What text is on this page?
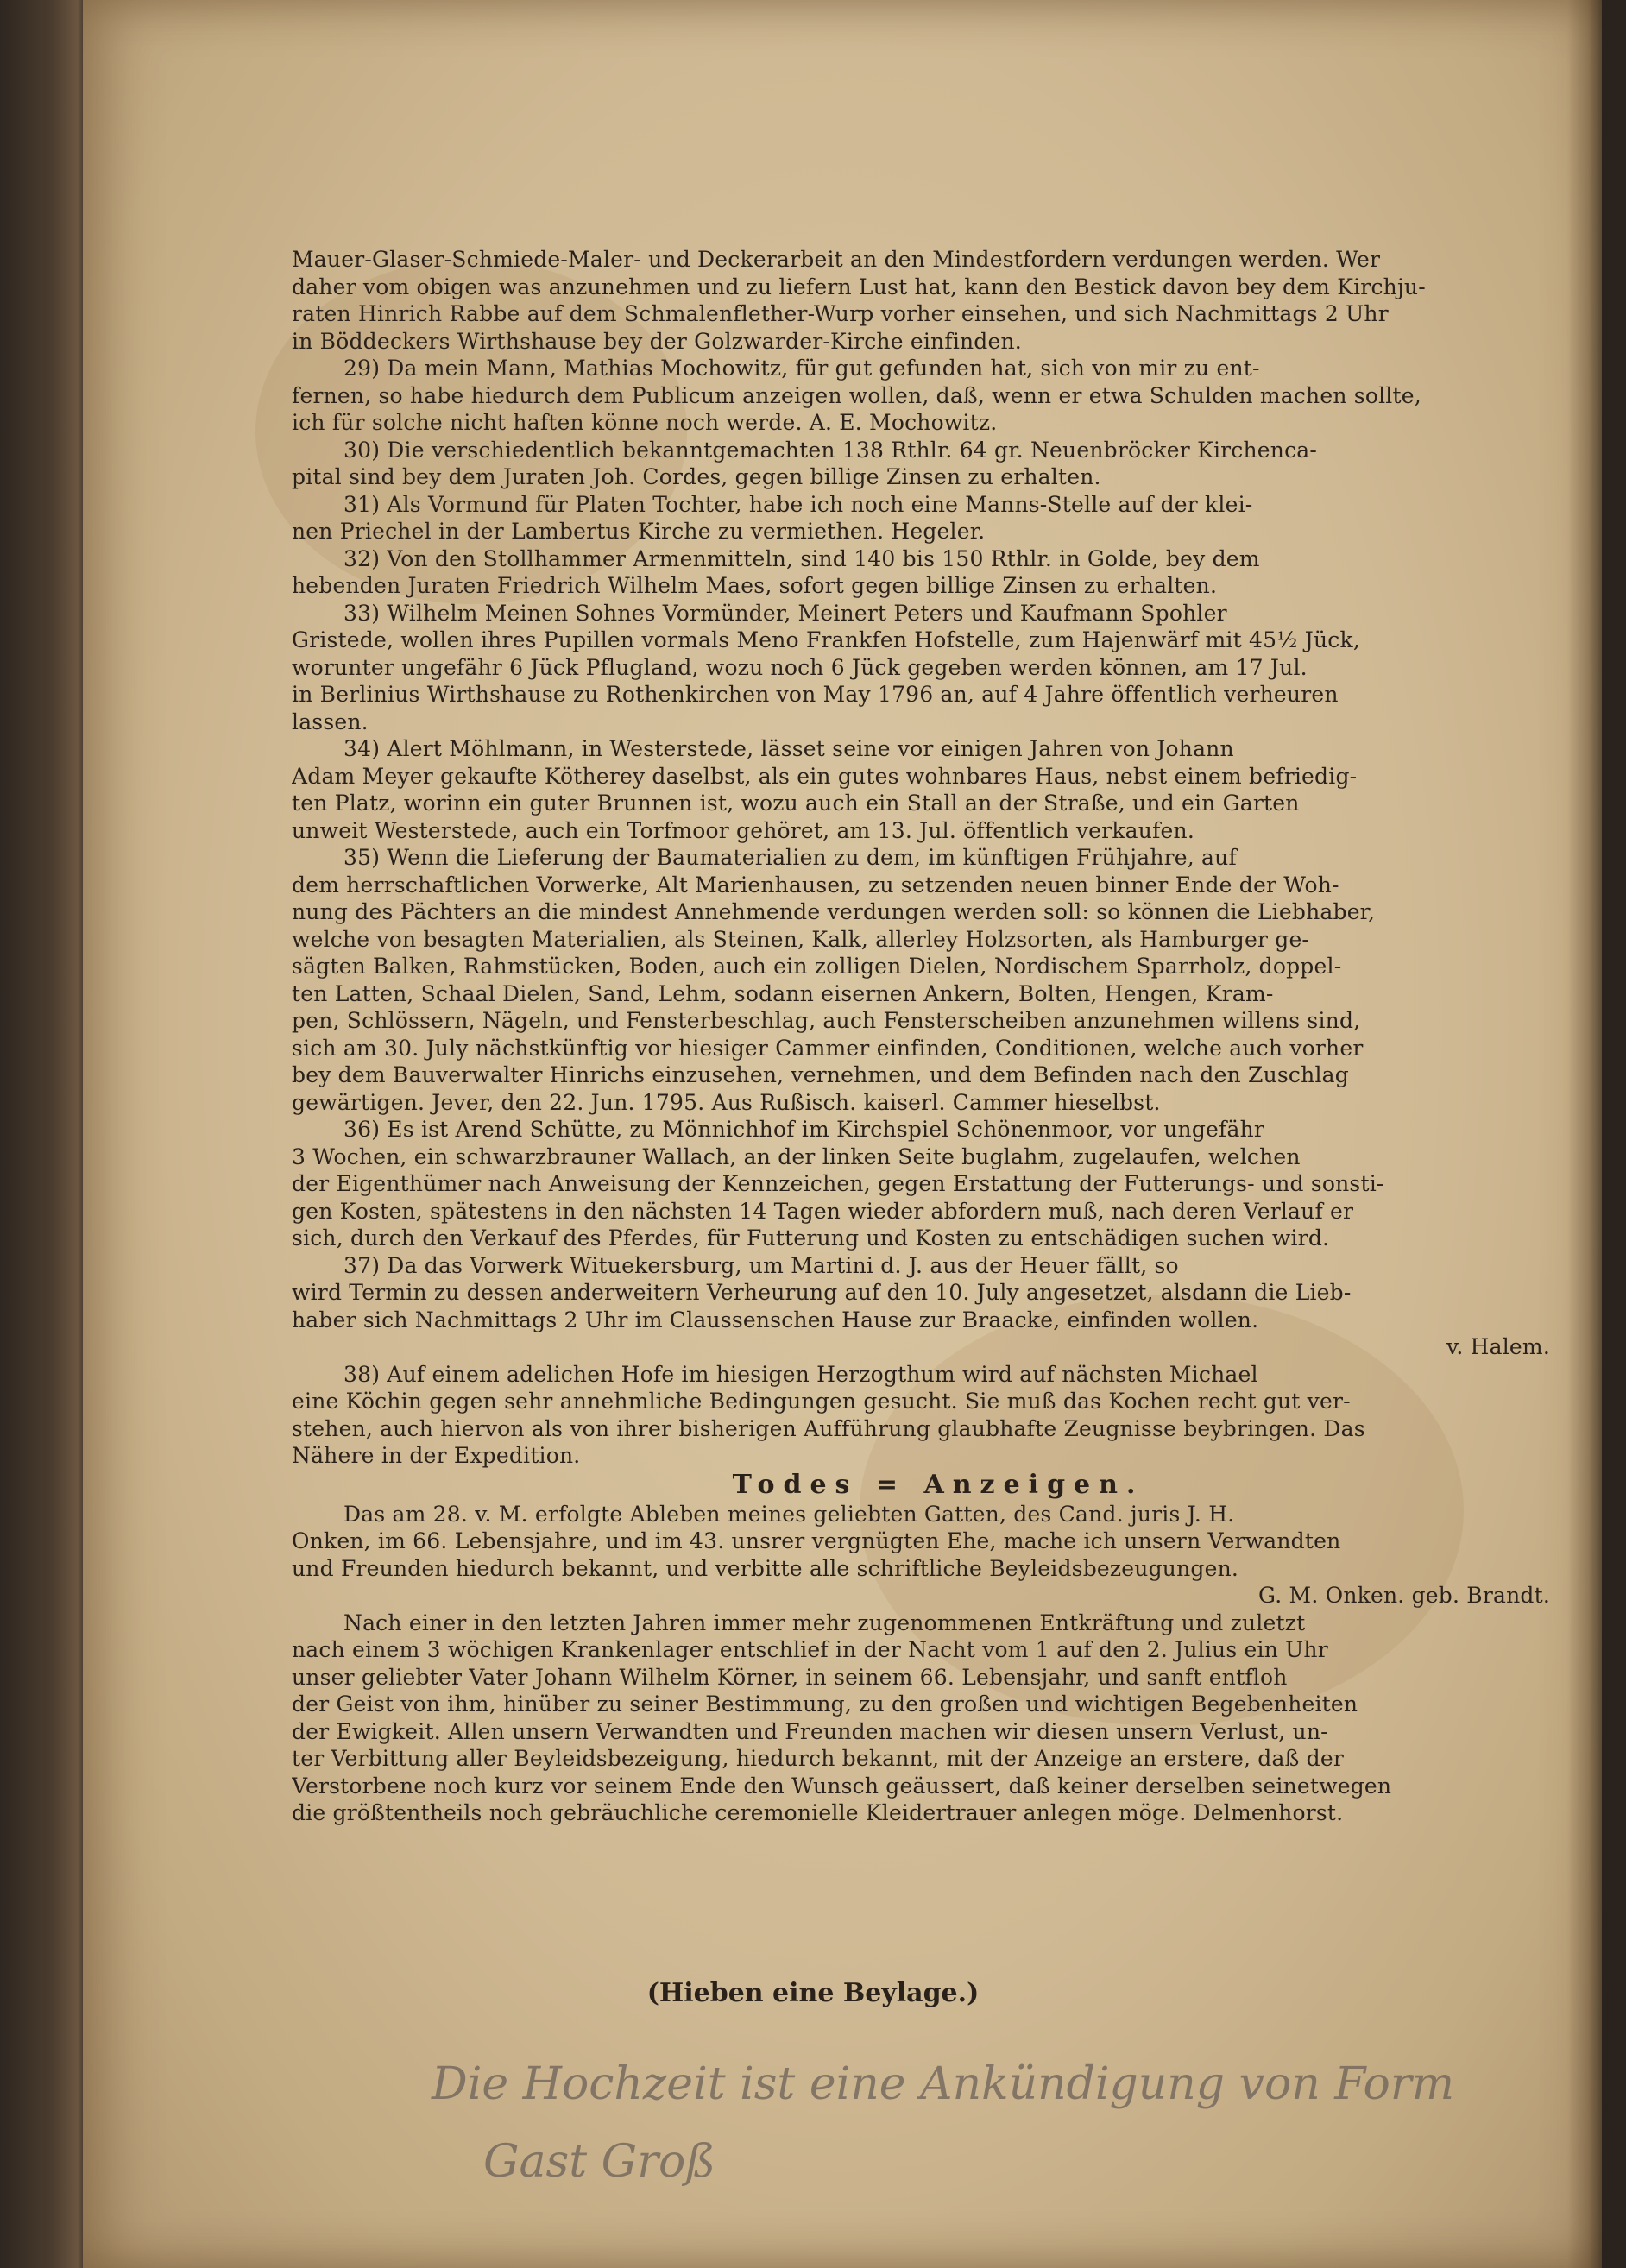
Mauer-Glaser-Schmiede-Maler- und Deckerarbeit an den Mindestfordern verdungen werden. Wer
daher vom obigen was anzunehmen und zu liefern Lust hat, kann den Bestick davon bey dem Kirchju-
raten Hinrich Rabbe auf dem Schmalenflether-Wurp vorher einsehen, und sich Nachmittags 2 Uhr
in Böddeckers Wirthshause bey der Golzwarder-Kirche einfinden.
29) Da mein Mann, Mathias Mochowitz, für gut gefunden hat, sich von mir zu ent-
fernen, so habe hiedurch dem Publicum anzeigen wollen, daß, wenn er etwa Schulden machen sollte,
ich für solche nicht haften könne noch werde. A. E. Mochowitz.
30) Die verschiedentlich bekanntgemachten 138 Rthlr. 64 gr. Neuenbröcker Kirchenca-
pital sind bey dem Juraten Joh. Cordes, gegen billige Zinsen zu erhalten.
31) Als Vormund für Platen Tochter, habe ich noch eine Manns-Stelle auf der klei-
nen Priechel in der Lambertus Kirche zu vermiethen. Hegeler.
32) Von den Stollhammer Armenmitteln, sind 140 bis 150 Rthlr. in Golde, bey dem
hebenden Juraten Friedrich Wilhelm Maes, sofort gegen billige Zinsen zu erhalten.
33) Wilhelm Meinen Sohnes Vormünder, Meinert Peters und Kaufmann Spohler
Gristede, wollen ihres Pupillen vormals Meno Frankfen Hofstelle, zum Hajenwärf mit 45½ Jück,
worunter ungefähr 6 Jück Pflugland, wozu noch 6 Jück gegeben werden können, am 17 Jul.
in Berlinius Wirthshause zu Rothenkirchen von May 1796 an, auf 4 Jahre öffentlich verheuren
lassen.
34) Alert Möhlmann, in Westerstede, lässet seine vor einigen Jahren von Johann
Adam Meyer gekaufte Kötherey daselbst, als ein gutes wohnbares Haus, nebst einem befriedig-
ten Platz, worinn ein guter Brunnen ist, wozu auch ein Stall an der Straße, und ein Garten
unweit Westerstede, auch ein Torfmoor gehöret, am 13. Jul. öffentlich verkaufen.
35) Wenn die Lieferung der Baumaterialien zu dem, im künftigen Frühjahre, auf
dem herrschaftlichen Vorwerke, Alt Marienhausen, zu setzenden neuen binner Ende der Woh-
nung des Pächters an die mindest Annehmende verdungen werden soll: so können die Liebhaber,
welche von besagten Materialien, als Steinen, Kalk, allerley Holzsorten, als Hamburger ge-
sägten Balken, Rahmstücken, Boden, auch ein zolligen Dielen, Nordischem Sparrholz, doppel-
ten Latten, Schaal Dielen, Sand, Lehm, sodann eisernen Ankern, Bolten, Hengen, Kram-
pen, Schlössern, Nägeln, und Fensterbeschlag, auch Fensterscheiben anzunehmen willens sind,
sich am 30. July nächstkünftig vor hiesiger Cammer einfinden, Conditionen, welche auch vorher
bey dem Bauverwalter Hinrichs einzusehen, vernehmen, und dem Befinden nach den Zuschlag
gewärtigen. Jever, den 22. Jun. 1795. Aus Rußisch. kaiserl. Cammer hieselbst.
36) Es ist Arend Schütte, zu Mönnichhof im Kirchspiel Schönenmoor, vor ungefähr
3 Wochen, ein schwarzbrauner Wallach, an der linken Seite buglahm, zugelaufen, welchen
der Eigenthümer nach Anweisung der Kennzeichen, gegen Erstattung der Futterungs- und sonsti-
gen Kosten, spätestens in den nächsten 14 Tagen wieder abfordern muß, nach deren Verlauf er
sich, durch den Verkauf des Pferdes, für Futterung und Kosten zu entschädigen suchen wird.
37) Da das Vorwerk Wituekersburg, um Martini d. J. aus der Heuer fällt, so
wird Termin zu dessen anderweitern Verheurung auf den 10. July angesetzet, alsdann die Lieb-
haber sich Nachmittags 2 Uhr im Claussenschen Hause zur Braacke, einfinden wollen.
v. Halem.
38) Auf einem adelichen Hofe im hiesigen Herzogthum wird auf nächsten Michael
eine Köchin gegen sehr annehmliche Bedingungen gesucht. Sie muß das Kochen recht gut ver-
stehen, auch hiervon als von ihrer bisherigen Aufführung glaubhafte Zeugnisse beybringen. Das
Nähere in der Expedition.
Todes = Anzeigen.
Das am 28. v. M. erfolgte Ableben meines geliebten Gatten, des Cand. juris J. H.
Onken, im 66. Lebensjahre, und im 43. unsrer vergnügten Ehe, mache ich unsern Verwandten
und Freunden hiedurch bekannt, und verbitte alle schriftliche Beyleidsbezeugungen.
G. M. Onken. geb. Brandt.
Nach einer in den letzten Jahren immer mehr zugenommenen Entkräftung und zuletzt
nach einem 3 wöchigen Krankenlager entschlief in der Nacht vom 1 auf den 2. Julius ein Uhr
unser geliebter Vater Johann Wilhelm Körner, in seinem 66. Lebensjahr, und sanft entfloh
der Geist von ihm, hinüber zu seiner Bestimmung, zu den großen und wichtigen Begebenheiten
der Ewigkeit. Allen unsern Verwandten und Freunden machen wir diesen unsern Verlust, un-
ter Verbittung aller Beyleidsbezeigung, hiedurch bekannt, mit der Anzeige an erstere, daß der
Verstorbene noch kurz vor seinem Ende den Wunsch geäussert, daß keiner derselben seinetwegen
die größtentheils noch gebräuchliche ceremonielle Kleidertrauer anlegen möge. Delmenhorst.
(Hieben eine Beylage.)
Die Hochzeit ist eine Ankündigung von Form
Gast Groß
